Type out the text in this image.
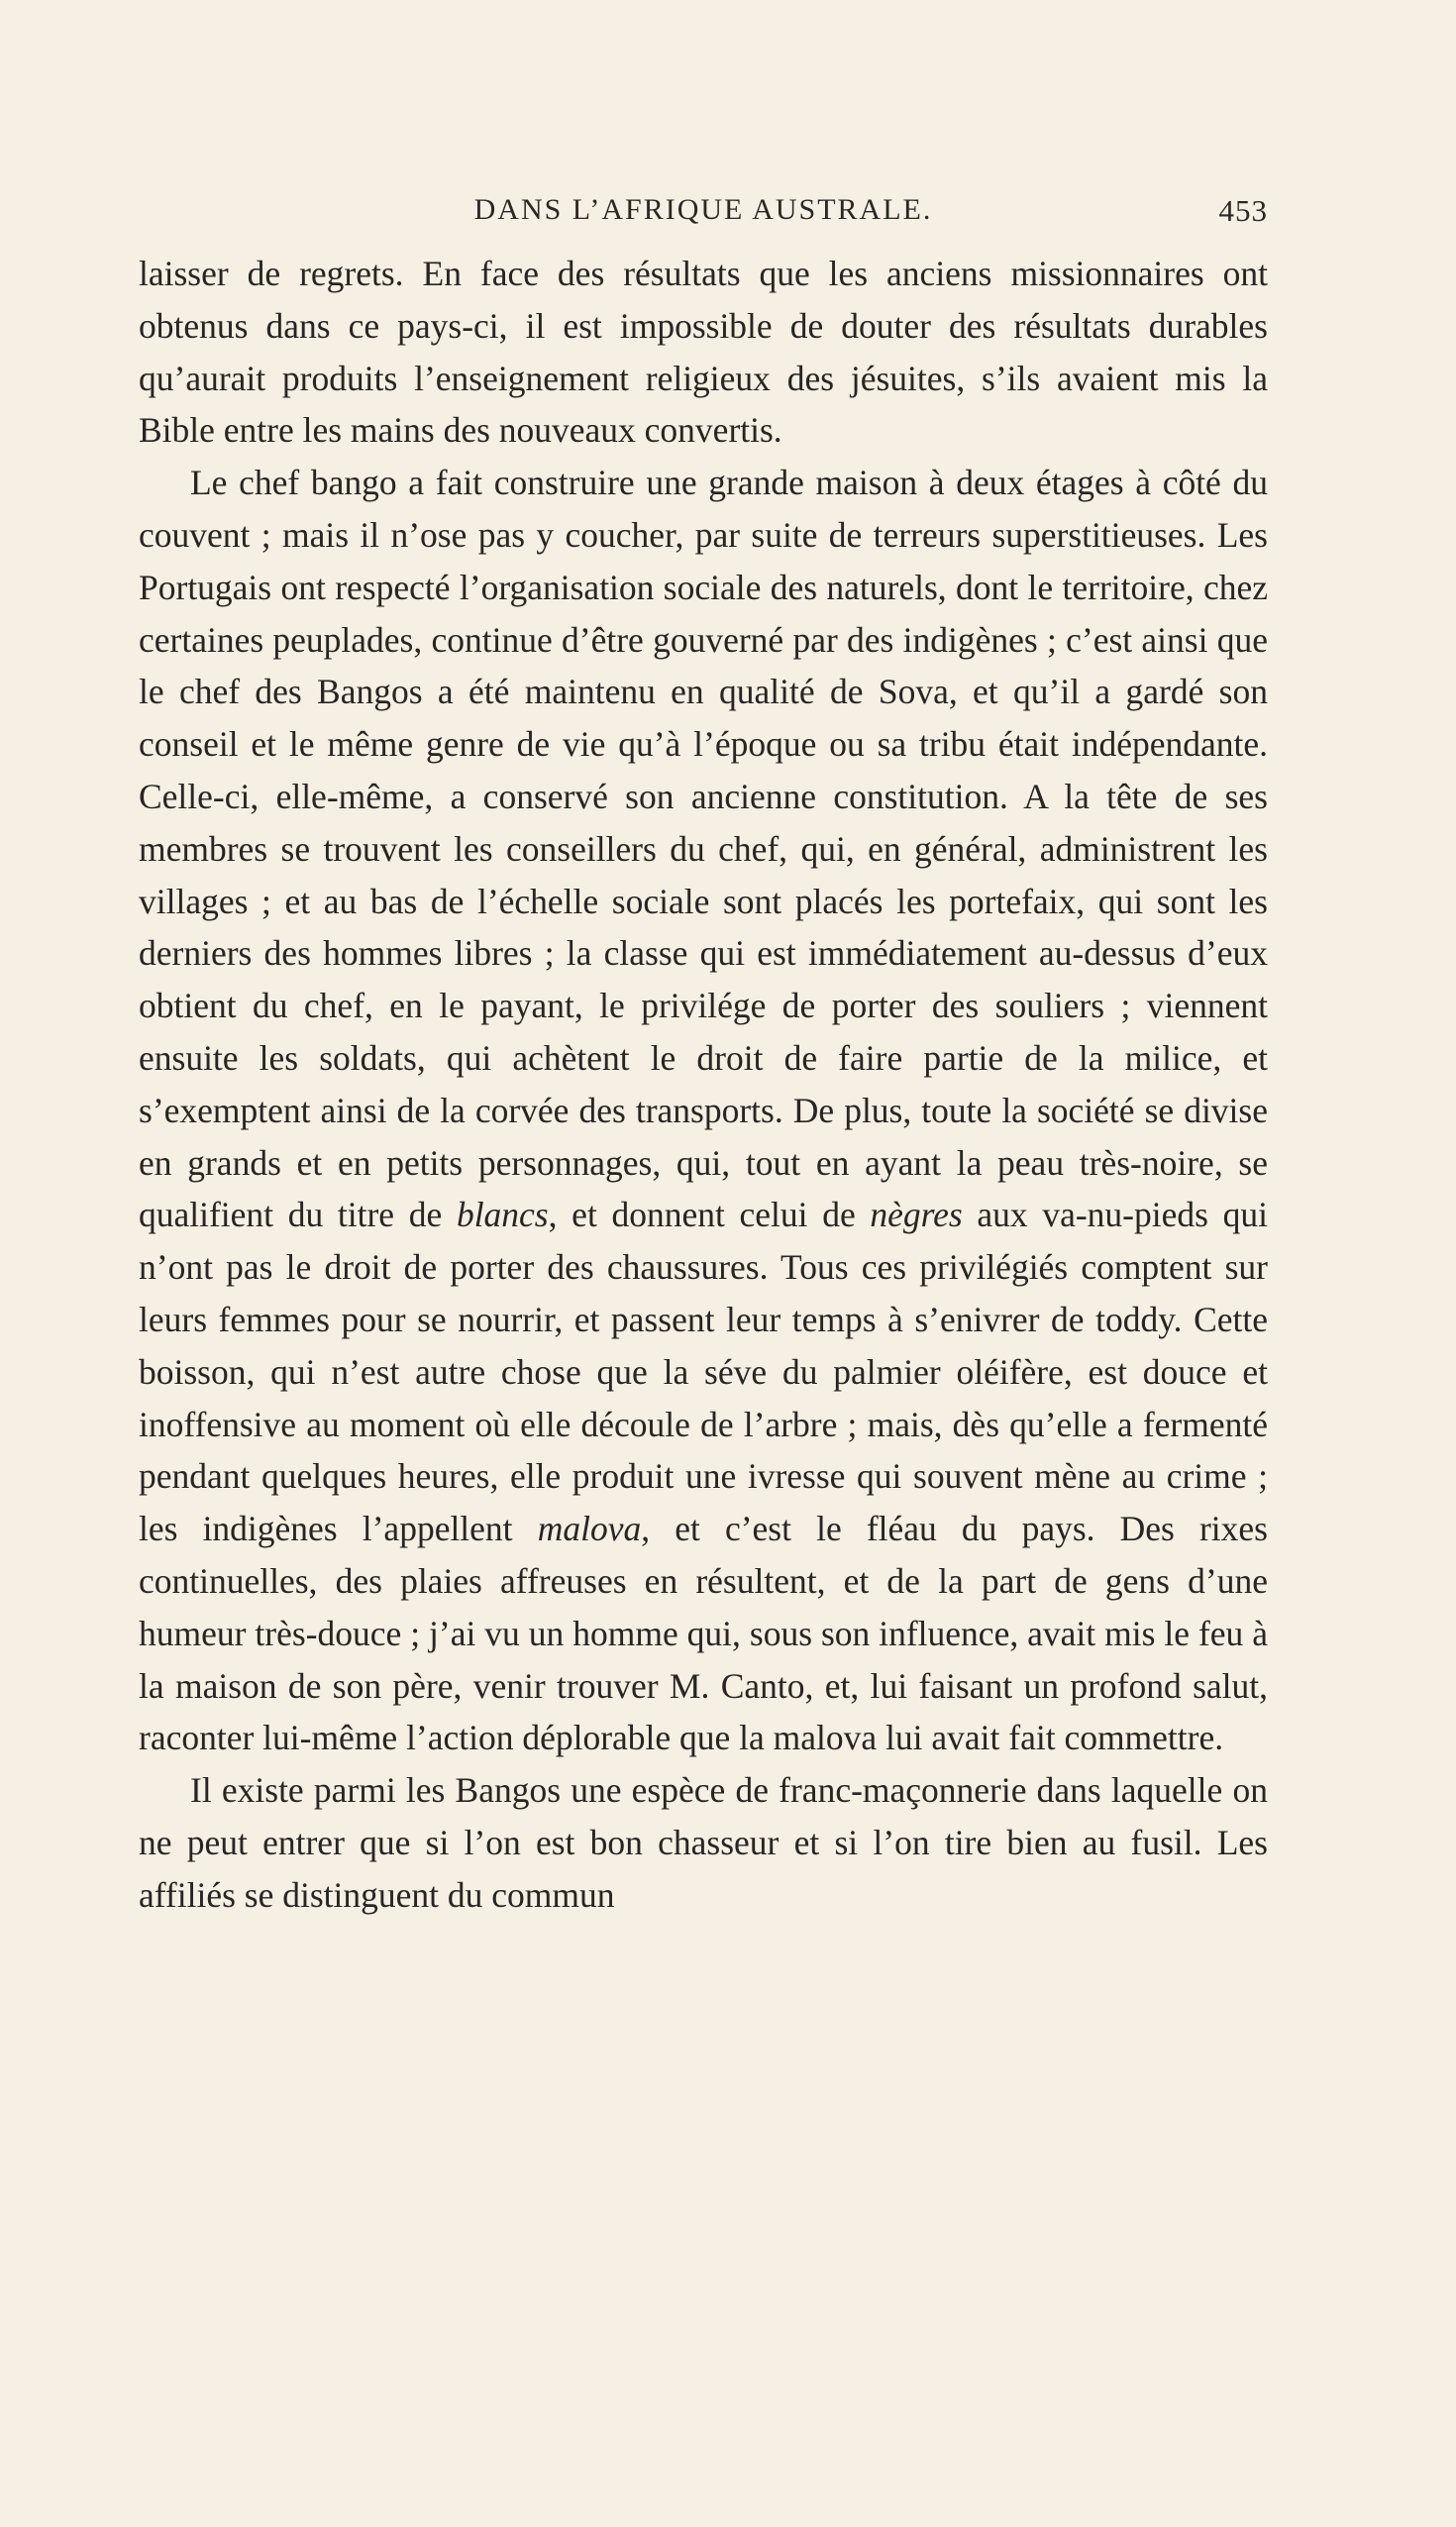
DANS L’AFRIQUE AUSTRALE.	453

laisser de regrets. En face des résultats que les anciens missionnaires ont obtenus dans ce pays-ci, il est impossible de douter des résultats durables qu’aurait produits l’enseignement religieux des jésuites, s’ils avaient mis la Bible entre les mains des nouveaux convertis.

Le chef bango a fait construire une grande maison à deux étages à côté du couvent ; mais il n’ose pas y coucher, par suite de terreurs superstitieuses. Les Portugais ont respecté l’organisation sociale des naturels, dont le territoire, chez certaines peuplades, continue d’être gouverné par des indigènes ; c’est ainsi que le chef des Bangos a été maintenu en qualité de Sova, et qu’il a gardé son conseil et le même genre de vie qu’à l’époque ou sa tribu était indépendante. Celle-ci, elle-même, a conservé son ancienne constitution. A la tête de ses membres se trouvent les conseillers du chef, qui, en général, administrent les villages ; et au bas de l’échelle sociale sont placés les portefaix, qui sont les derniers des hommes libres ; la classe qui est immédiatement au-dessus d’eux obtient du chef, en le payant, le privilége de porter des souliers ; viennent ensuite les soldats, qui achètent le droit de faire partie de la milice, et s’exemptent ainsi de la corvée des transports. De plus, toute la société se divise en grands et en petits personnages, qui, tout en ayant la peau très-noire, se qualifient du titre de blancs, et donnent celui de nègres aux va-nu-pieds qui n’ont pas le droit de porter des chaussures. Tous ces privilégiés comptent sur leurs femmes pour se nourrir, et passent leur temps à s’enivrer de toddy. Cette boisson, qui n’est autre chose que la séve du palmier oléifère, est douce et inoffensive au moment où elle découle de l’arbre ; mais, dès qu’elle a fermenté pendant quelques heures, elle produit une ivresse qui souvent mène au crime ; les indigènes l’appellent malova, et c’est le fléau du pays. Des rixes continuelles, des plaies affreuses en résultent, et de la part de gens d’une humeur très-douce ; j’ai vu un homme qui, sous son influence, avait mis le feu à la maison de son père, venir trouver M. Canto, et, lui faisant un profond salut, raconter lui-même l’action déplorable que la malova lui avait fait commettre.

Il existe parmi les Bangos une espèce de franc-maçonnerie dans laquelle on ne peut entrer que si l’on est bon chasseur et si l’on tire bien au fusil. Les affiliés se distinguent du commun
